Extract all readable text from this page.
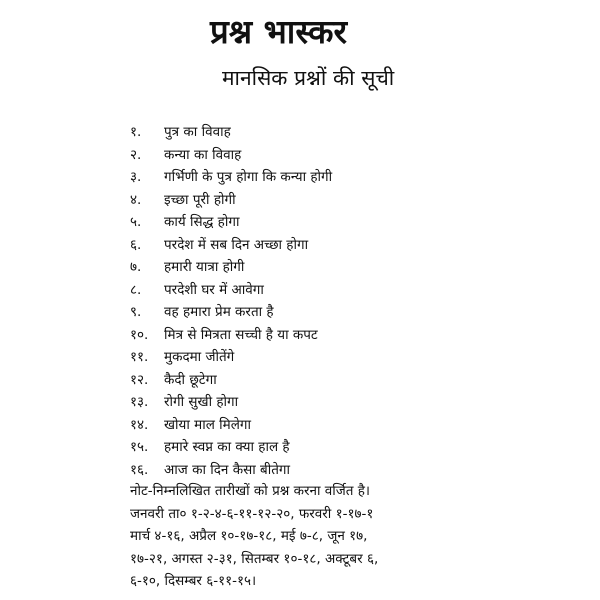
प्रश्न भास्कर
मानसिक प्रश्नों की सूची
१.	पुत्र का विवाह
२.	कन्या का विवाह
३.	गर्भिणी के पुत्र होगा कि कन्या होगी
४.	इच्छा पूरी होगी
५.	कार्य सिद्ध होगा
६.	परदेश में सब दिन अच्छा होगा
७.	हमारी यात्रा होगी
८.	परदेशी घर में आवेगा
९.	वह हमारा प्रेम करता है
१०.	मित्र से मित्रता सच्ची है या कपट
११.	मुकदमा जीतेंगे
१२.	कैदी छूटेगा
१३.	रोगी सुखी होगा
१४.	खोया माल मिलेगा
१५.	हमारे स्वप्न का क्या हाल है
१६.	आज का दिन कैसा बीतेगा
नोट-निम्नलिखित तारीखों को प्रश्न करना वर्जित है।
जनवरी ता० १-२-४-६-११-१२-२०, फरवरी १-१७-१
मार्च ४-१६, अप्रैल १०-१७-१८, मई ७-८, जून १७,
१७-२१, अगस्त २-३१, सितम्बर १०-१८, अक्टूबर ६,
६-१०, दिसम्बर ६-११-१५।
